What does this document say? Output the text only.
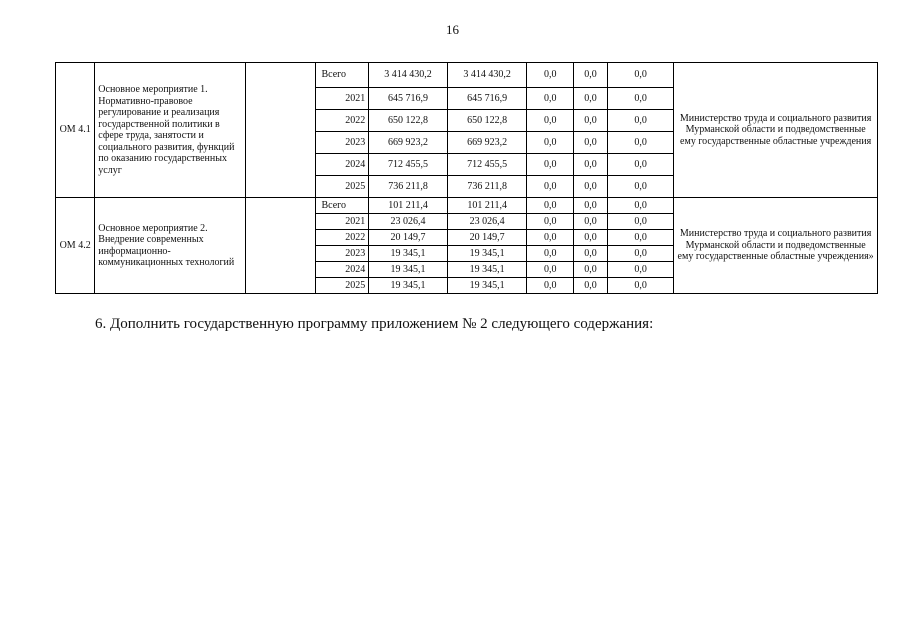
16
ОМ 4.1	Основное мероприятие 1. Нормативно-правовое регулирование и реализация государственной политики в сфере труда, занятости и социального развития, функций по оказанию государственных услуг		Всего	3 414 430,2	3 414 430,2	0,0	0,0	0,0	Министерство труда и социального развития Мурманской области и подведомственные ему государственные областные учреждения
			2021	645 716,9	645 716,9	0,0	0,0	0,0	
			2022	650 122,8	650 122,8	0,0	0,0	0,0	
			2023	669 923,2	669 923,2	0,0	0,0	0,0	
			2024	712 455,5	712 455,5	0,0	0,0	0,0	
			2025	736 211,8	736 211,8	0,0	0,0	0,0	
ОМ 4.2	Основное мероприятие 2. Внедрение современных информационно-коммуникационных технологий		Всего	101 211,4	101 211,4	0,0	0,0	0,0	Министерство труда и социального развития Мурманской области и подведомственные ему государственные областные учреждения»
			2021	23 026,4	23 026,4	0,0	0,0	0,0	
			2022	20 149,7	20 149,7	0,0	0,0	0,0	
			2023	19 345,1	19 345,1	0,0	0,0	0,0	
			2024	19 345,1	19 345,1	0,0	0,0	0,0	
			2025	19 345,1	19 345,1	0,0	0,0	0,0	
6. Дополнить государственную программу приложением № 2 следующего содержания:
